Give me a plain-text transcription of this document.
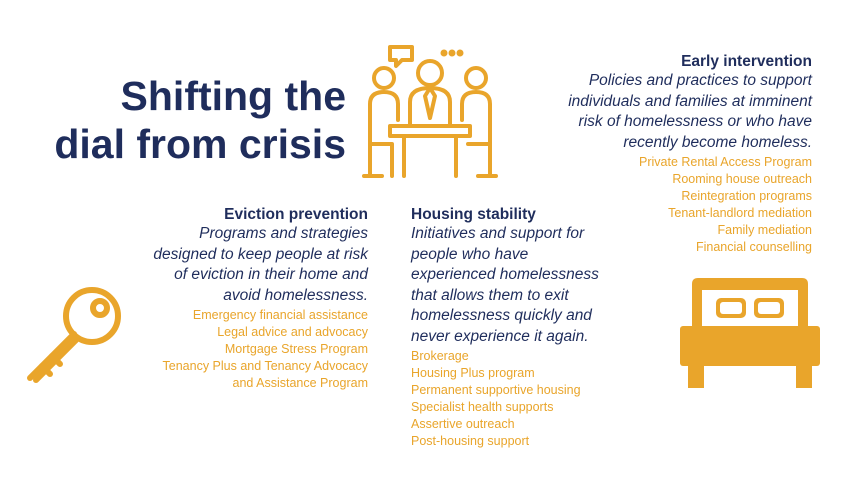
Shifting the
dial from crisis
Early intervention
Policies and practices to support
individuals and families at imminent
risk of homelessness or who have
recently become homeless.
Private Rental Access Program
Rooming house outreach
Reintegration programs
Tenant-landlord mediation
Family mediation
Financial counselling
Eviction prevention
Programs and strategies
designed to keep people at risk
of eviction in their home and
avoid homelessness.
Emergency financial assistance
Legal advice and advocacy
Mortgage Stress Program
Tenancy Plus and Tenancy Advocacy
and Assistance Program
Housing stability
Initiatives and support for
people who have
experienced homelessness
that allows them to exit
homelessness quickly and
never experience it again.
Brokerage
Housing Plus program
Permanent supportive housing
Specialist health supports
Assertive outreach
Post-housing support
